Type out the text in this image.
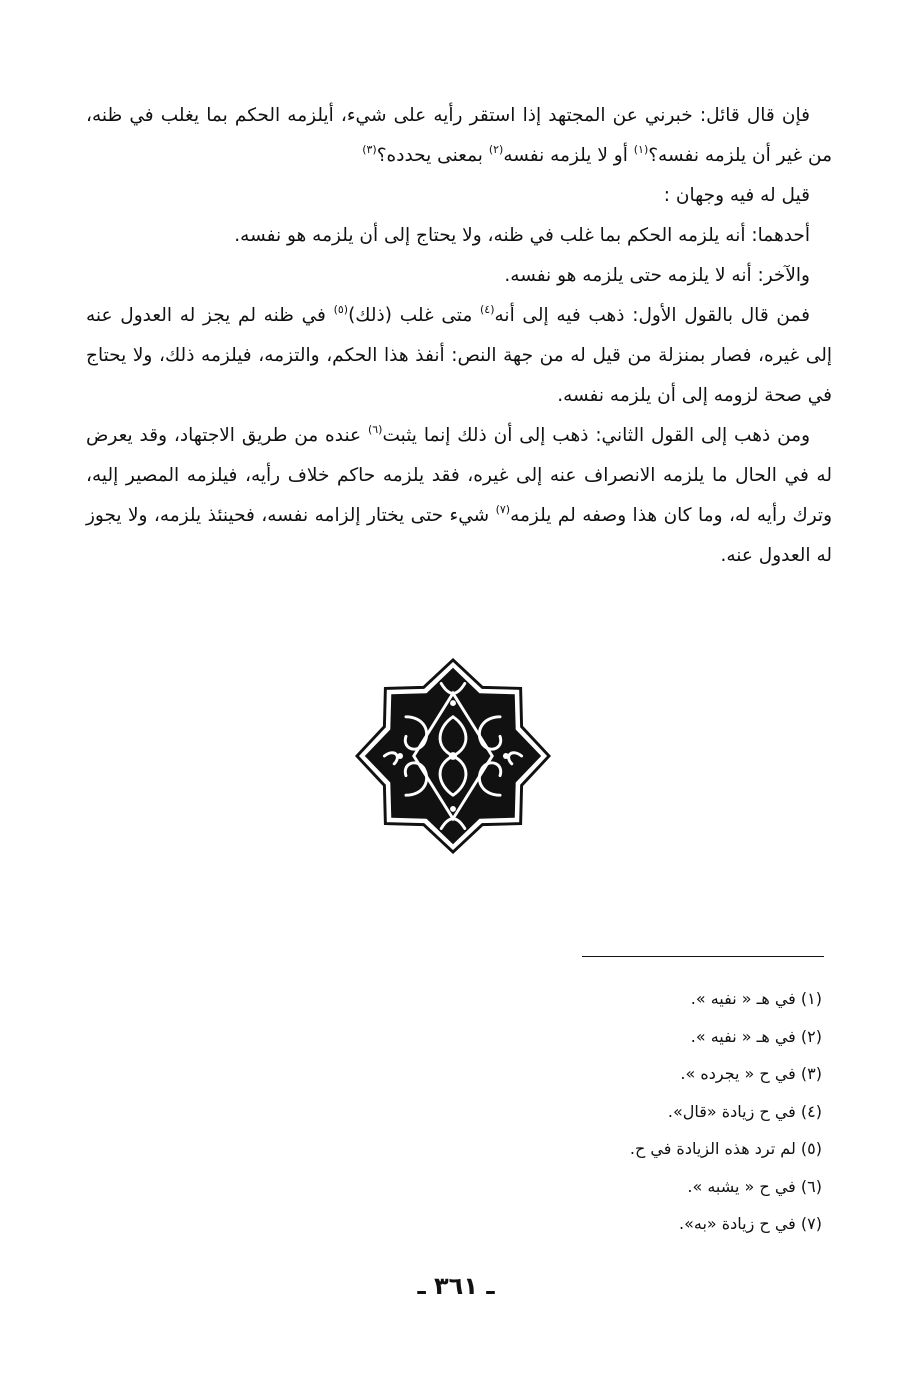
فإن قال قائل: خبرني عن المجتهد إذا استقر رأيه على شيء، أيلزمه الحكم بما يغلب في ظنه، من غير أن يلزمه نفسه؟$^{(١)}$ أو لا يلزمه نفسه$^{(٢)}$ بمعنى يحدده؟$^{(٣)}$

قيل له فيه وجهان :

أحدهما: أنه يلزمه الحكم بما غلب في ظنه، ولا يحتاج إلى أن يلزمه هو نفسه.

والآخر: أنه لا يلزمه حتى يلزمه هو نفسه.

فمن قال بالقول الأول: ذهب فيه إلى أنه$^{(٤)}$ متى غلب (ذلك)$^{(٥)}$ في ظنه لم يجز له العدول عنه إلى غيره، فصار بمنزلة من قيل له من جهة النص: أنفذ هذا الحكم، والتزمه، فيلزمه ذلك، ولا يحتاج في صحة لزومه إلى أن يلزمه نفسه.

ومن ذهب إلى القول الثاني: ذهب إلى أن ذلك إنما يثبت$^{(٦)}$ عنده من طريق الاجتهاد، وقد يعرض له في الحال ما يلزمه الانصراف عنه إلى غيره، فقد يلزمه حاكم خلاف رأيه، فيلزمه المصير إليه، وترك رأيه له، وما كان هذا وصفه لم يلزمه$^{(٧)}$ شيء حتى يختار إلزامه نفسه، فحينئذ يلزمه، ولا يجوز له العدول عنه.

(١) في هـ « نفيه ».
(٢) في هـ « نفيه ».
(٣) في ح « يجرده ».
(٤) في ح زيادة «قال».
(٥) لم ترد هذه الزيادة في ح.
(٦) في ح « يشبه ».
(٧) في ح زيادة «به».
ـ ٣٦١ ـ
